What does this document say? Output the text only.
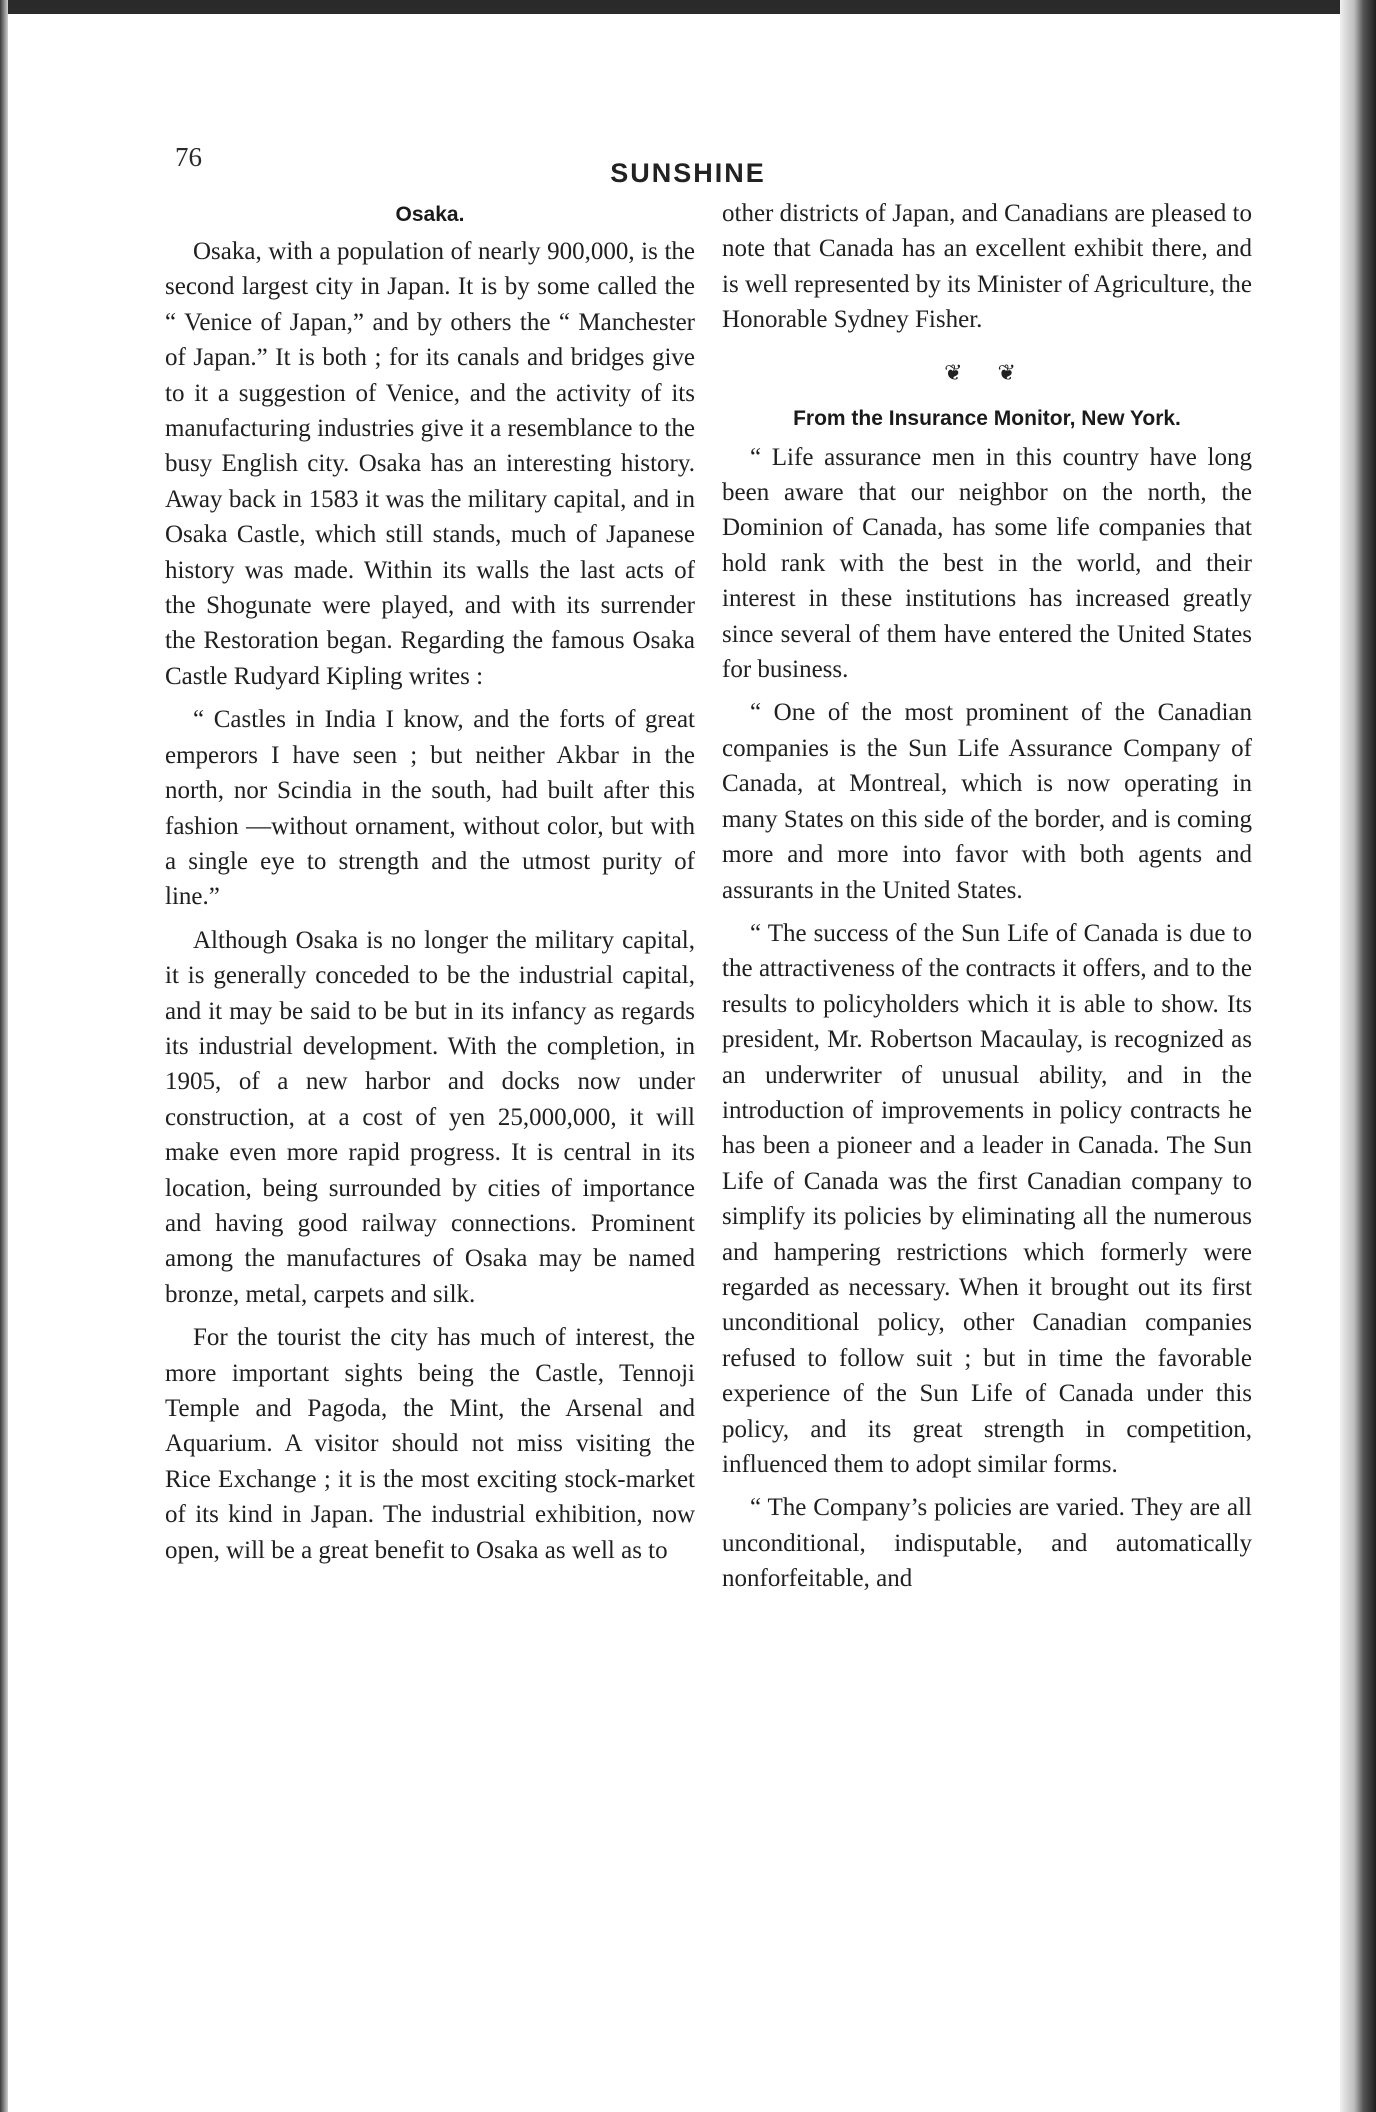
76
SUNSHINE
Osaka.

Osaka, with a population of nearly 900,000, is the second largest city in Japan. It is by some called the “ Venice of Japan,” and by others the “ Manchester of Japan.” It is both ; for its canals and bridges give to it a suggestion of Venice, and the activity of its manufacturing industries give it a resemblance to the busy English city. Osaka has an interesting history. Away back in 1583 it was the military capital, and in Osaka Castle, which still stands, much of Japanese history was made. Within its walls the last acts of the Shogunate were played, and with its surrender the Restoration began. Regarding the famous Osaka Castle Rudyard Kipling writes :

“ Castles in India I know, and the forts of great emperors I have seen ; but neither Akbar in the north, nor Scindia in the south, had built after this fashion —without ornament, without color, but with a single eye to strength and the utmost purity of line.”

Although Osaka is no longer the military capital, it is generally conceded to be the industrial capital, and it may be said to be but in its infancy as regards its industrial development. With the completion, in 1905, of a new harbor and docks now under construction, at a cost of yen 25,000,000, it will make even more rapid progress. It is central in its location, being surrounded by cities of importance and having good railway connections. Prominent among the manufactures of Osaka may be named bronze, metal, carpets and silk.

For the tourist the city has much of interest, the more important sights being the Castle, Tennoji Temple and Pagoda, the Mint, the Arsenal and Aquarium. A visitor should not miss visiting the Rice Exchange ; it is the most exciting stock-market of its kind in Japan. The industrial exhibition, now open, will be a great benefit to Osaka as well as to

other districts of Japan, and Canadians are pleased to note that Canada has an excellent exhibit there, and is well represented by its Minister of Agriculture, the Honorable Sydney Fisher.

❦ ❦
From the Insurance Monitor, New York.

“ Life assurance men in this country have long been aware that our neighbor on the north, the Dominion of Canada, has some life companies that hold rank with the best in the world, and their interest in these institutions has increased greatly since several of them have entered the United States for business.

“ One of the most prominent of the Canadian companies is the Sun Life Assurance Company of Canada, at Montreal, which is now operating in many States on this side of the border, and is coming more and more into favor with both agents and assurants in the United States.

“ The success of the Sun Life of Canada is due to the attractiveness of the contracts it offers, and to the results to policyholders which it is able to show. Its president, Mr. Robertson Macaulay, is recognized as an underwriter of unusual ability, and in the introduction of improvements in policy contracts he has been a pioneer and a leader in Canada. The Sun Life of Canada was the first Canadian company to simplify its policies by eliminating all the numerous and hampering restrictions which formerly were regarded as necessary. When it brought out its first unconditional policy, other Canadian companies refused to follow suit ; but in time the favorable experience of the Sun Life of Canada under this policy, and its great strength in competition, influenced them to adopt similar forms.

“ The Company’s policies are varied. They are all unconditional, indisputable, and automatically nonforfeitable, and
